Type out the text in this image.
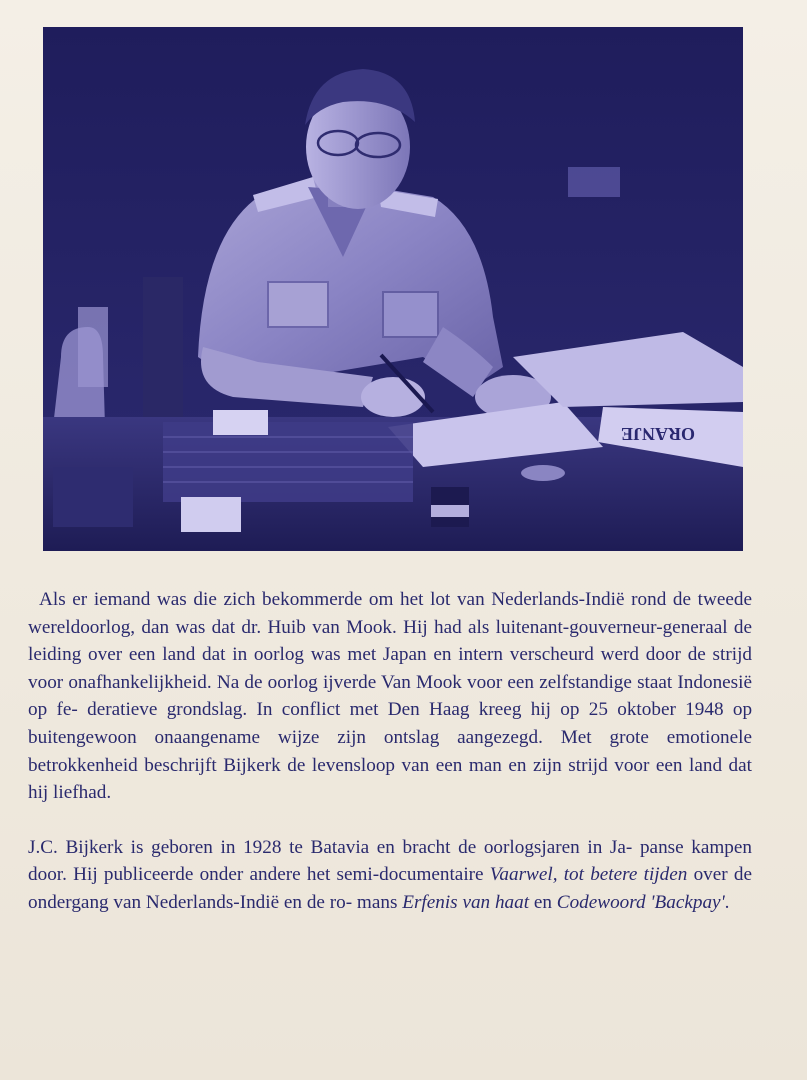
ORANJE

Als er iemand was die zich bekommerde om het lot van Nederlands-Indië rond de tweede wereldoorlog, dan was dat dr. Huib van Mook. Hij had als luitenant-gouverneur-generaal de leiding over een land dat in oorlog was met Japan en intern verscheurd werd door de strijd voor onafhankelijkheid. Na de oorlog ijverde Van Mook voor een zelfstandige staat Indonesië op fe- deratieve grondslag. In conflict met Den Haag kreeg hij op 25 oktober 1948 op buitengewoon onaangename wijze zijn ontslag aangezegd. Met grote emotionele betrokkenheid beschrijft Bijkerk de levensloop van een man en zijn strijd voor een land dat hij liefhad.

J.C. Bijkerk is geboren in 1928 te Batavia en bracht de oorlogsjaren in Ja- panse kampen door. Hij publiceerde onder andere het semi-documentaire Vaarwel, tot betere tijden over de ondergang van Nederlands-Indië en de ro- mans Erfenis van haat en Codewoord 'Backpay'.
